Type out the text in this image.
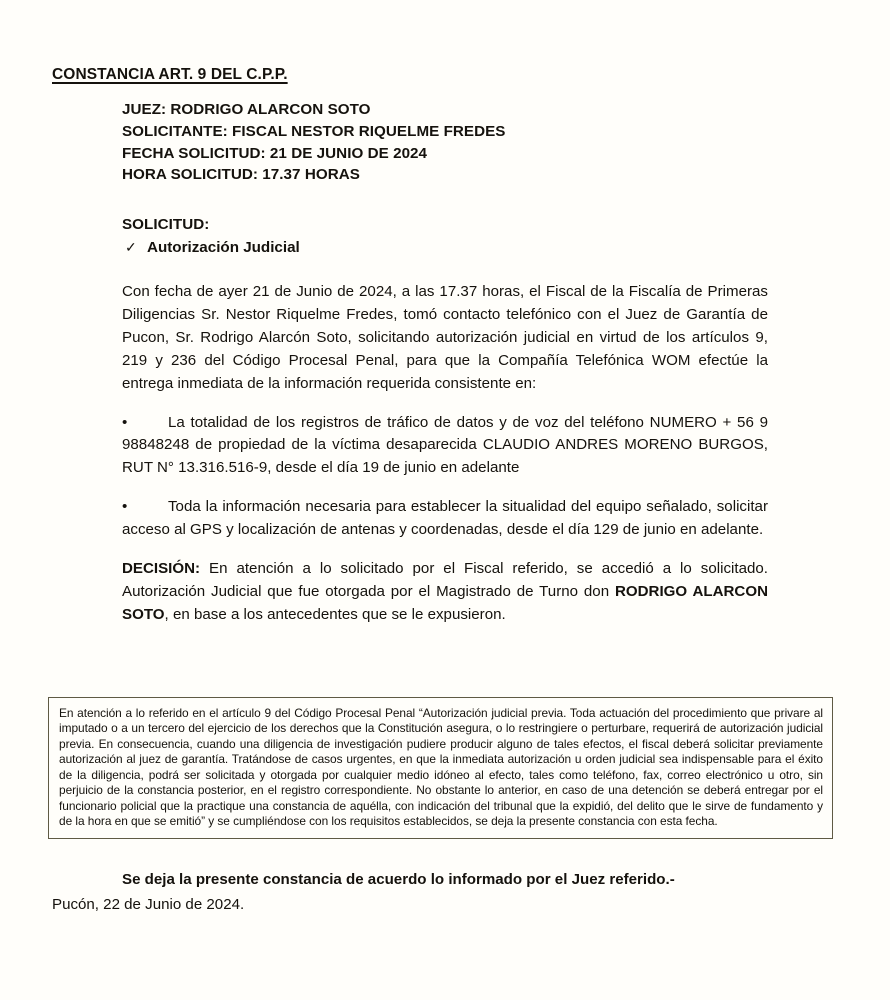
CONSTANCIA ART. 9 DEL C.P.P.
JUEZ: RODRIGO ALARCON SOTO
SOLICITANTE: FISCAL NESTOR RIQUELME FREDES
FECHA SOLICITUD: 21 DE JUNIO DE 2024
HORA SOLICITUD: 17.37 HORAS
SOLICITUD:
✓ Autorización Judicial

Con fecha de ayer 21 de Junio de 2024, a las 17.37 horas, el Fiscal de la Fiscalía de Primeras Diligencias Sr. Nestor Riquelme Fredes, tomó contacto telefónico con el Juez de Garantía de Pucon, Sr. Rodrigo Alarcón Soto, solicitando autorización judicial en virtud de los artículos 9, 219 y 236 del Código Procesal Penal, para que la Compañía Telefónica WOM efectúe la entrega inmediata de la información requerida consistente en:

•	La totalidad de los registros de tráfico de datos y de voz del teléfono NUMERO + 56 9 98848248 de propiedad de la víctima desaparecida CLAUDIO ANDRES MORENO BURGOS, RUT N° 13.316.516-9, desde el día 19 de junio en adelante

•	Toda la información necesaria para establecer la situalidad del equipo señalado, solicitar acceso al GPS y localización de antenas y coordenadas, desde el día 129 de junio en adelante.

DECISIÓN: En atención a lo solicitado por el Fiscal referido, se accedió a lo solicitado. Autorización Judicial que fue otorgada por el Magistrado de Turno don RODRIGO ALARCON SOTO, en base a los antecedentes que se le expusieron.

En atención a lo referido en el artículo 9 del Código Procesal Penal “Autorización judicial previa. Toda actuación del procedimiento que privare al imputado o a un tercero del ejercicio de los derechos que la Constitución asegura, o lo restringiere o perturbare, requerirá de autorización judicial previa. En consecuencia, cuando una diligencia de investigación pudiere producir alguno de tales efectos, el fiscal deberá solicitar previamente autorización al juez de garantía. Tratándose de casos urgentes, en que la inmediata autorización u orden judicial sea indispensable para el éxito de la diligencia, podrá ser solicitada y otorgada por cualquier medio idóneo al efecto, tales como teléfono, fax, correo electrónico u otro, sin perjuicio de la constancia posterior, en el registro correspondiente. No obstante lo anterior, en caso de una detención se deberá entregar por el funcionario policial que la practique una constancia de aquélla, con indicación del tribunal que la expidió, del delito que le sirve de fundamento y de la hora en que se emitió” y se cumpliéndose con los requisitos establecidos, se deja la presente constancia con esta fecha.

Se deja la presente constancia de acuerdo lo informado por el Juez referido.-
Pucón, 22 de Junio de 2024.
